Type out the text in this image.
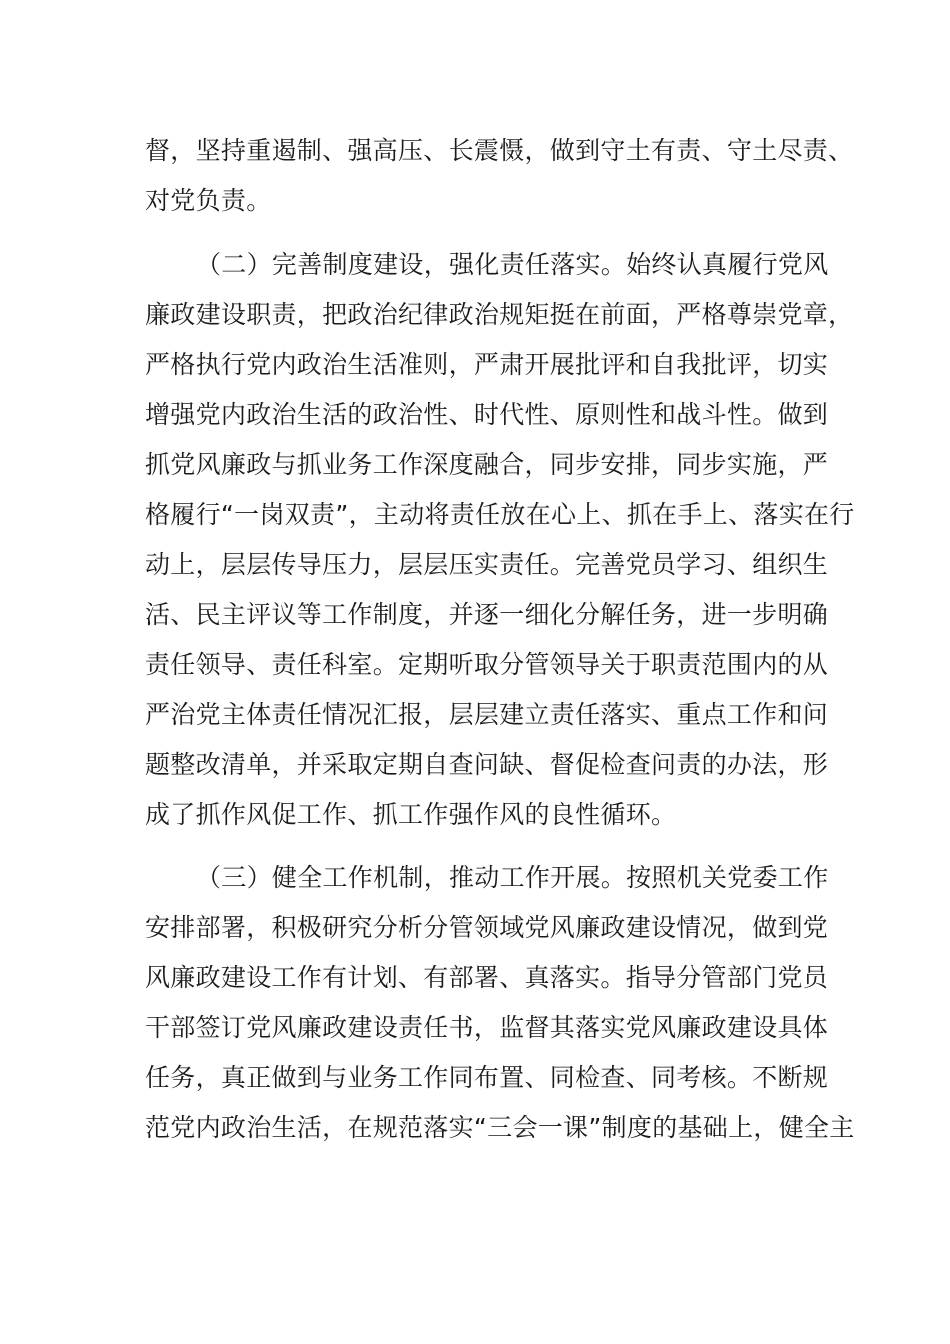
督，坚持重遏制、强高压、长震慑，做到守土有责、守土尽责、
对党负责。
（二）完善制度建设，强化责任落实。始终认真履行党风
廉政建设职责，把政治纪律政治规矩挺在前面，严格尊崇党章，
严格执行党内政治生活准则，严肃开展批评和自我批评，切实
增强党内政治生活的政治性、时代性、原则性和战斗性。做到
抓党风廉政与抓业务工作深度融合，同步安排，同步实施，严
格履行“一岗双责”，主动将责任放在心上、抓在手上、落实在行
动上，层层传导压力，层层压实责任。完善党员学习、组织生
活、民主评议等工作制度，并逐一细化分解任务，进一步明确
责任领导、责任科室。定期听取分管领导关于职责范围内的从
严治党主体责任情况汇报，层层建立责任落实、重点工作和问
题整改清单，并采取定期自查问缺、督促检查问责的办法，形
成了抓作风促工作、抓工作强作风的良性循环。
（三）健全工作机制，推动工作开展。按照机关党委工作
安排部署，积极研究分析分管领域党风廉政建设情况，做到党
风廉政建设工作有计划、有部署、真落实。指导分管部门党员
干部签订党风廉政建设责任书，监督其落实党风廉政建设具体
任务，真正做到与业务工作同布置、同检查、同考核。不断规
范党内政治生活，在规范落实“三会一课”制度的基础上，健全主
